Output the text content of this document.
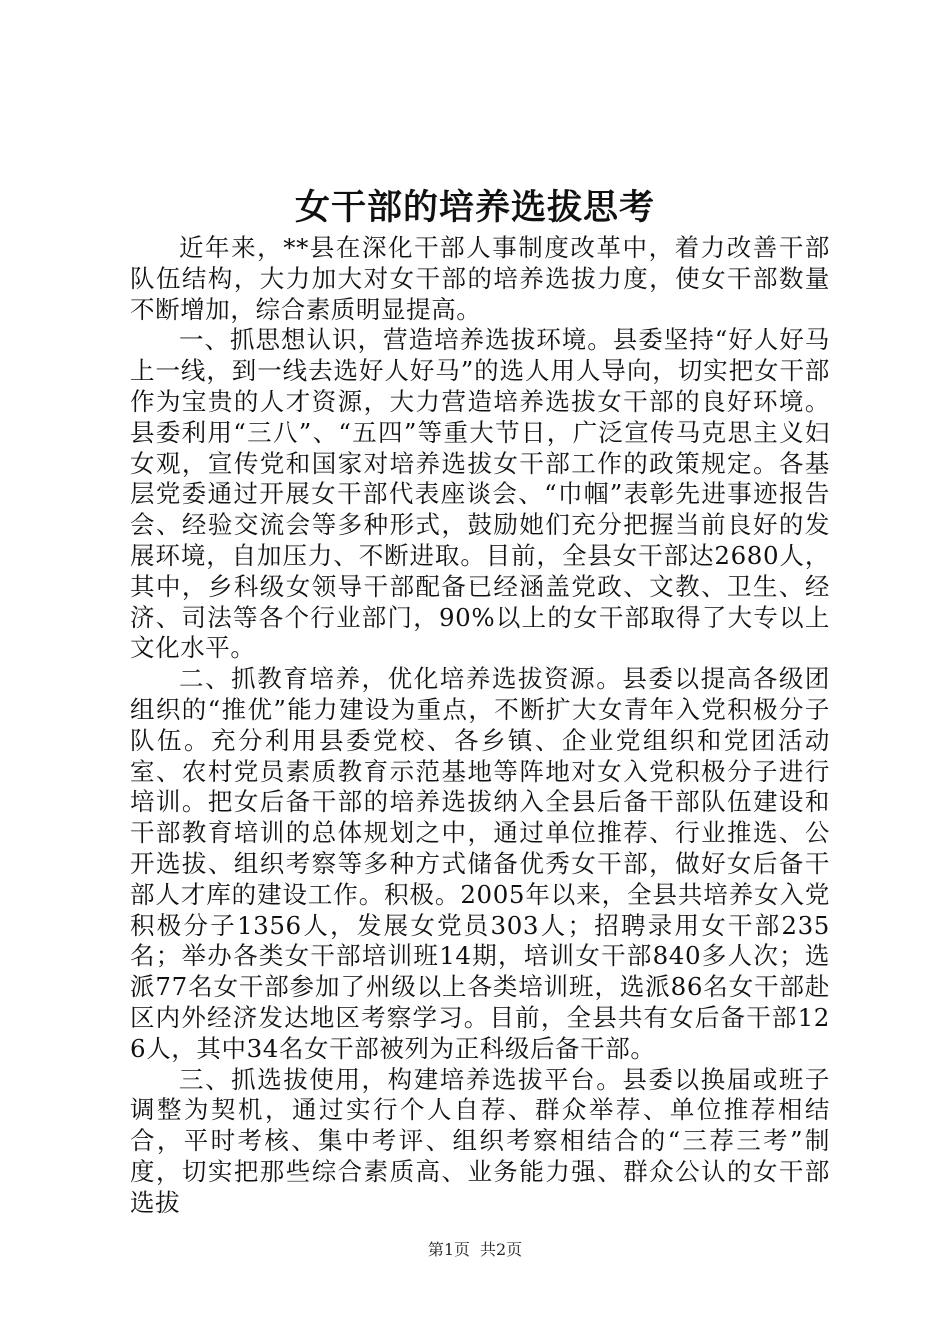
女干部的培养选拔思考

近年来，**县在深化干部人事制度改革中，着力改善干部队伍结构，大力加大对女干部的培养选拔力度，使女干部数量不断增加，综合素质明显提高。

一、抓思想认识，营造培养选拔环境。县委坚持“好人好马上一线，到一线去选好人好马”的选人用人导向，切实把女干部作为宝贵的人才资源，大力营造培养选拔女干部的良好环境。县委利用“三八”、“五四”等重大节日，广泛宣传马克思主义妇女观，宣传党和国家对培养选拔女干部工作的政策规定。各基层党委通过开展女干部代表座谈会、“巾帼”表彰先进事迹报告会、经验交流会等多种形式，鼓励她们充分把握当前良好的发展环境，自加压力、不断进取。目前，全县女干部达2680人，其中，乡科级女领导干部配备已经涵盖党政、文教、卫生、经济、司法等各个行业部门，90%以上的女干部取得了大专以上文化水平。

二、抓教育培养，优化培养选拔资源。县委以提高各级团组织的“推优”能力建设为重点，不断扩大女青年入党积极分子队伍。充分利用县委党校、各乡镇、企业党组织和党团活动室、农村党员素质教育示范基地等阵地对女入党积极分子进行培训。把女后备干部的培养选拔纳入全县后备干部队伍建设和干部教育培训的总体规划之中，通过单位推荐、行业推选、公开选拔、组织考察等多种方式储备优秀女干部，做好女后备干部人才库的建设工作。积极。2005年以来，全县共培养女入党积极分子1356人，发展女党员303人；招聘录用女干部235名；举办各类女干部培训班14期，培训女干部840多人次；选派77名女干部参加了州级以上各类培训班，选派86名女干部赴区内外经济发达地区考察学习。目前，全县共有女后备干部126人，其中34名女干部被列为正科级后备干部。

三、抓选拔使用，构建培养选拔平台。县委以换届或班子调整为契机，通过实行个人自荐、群众举荐、单位推荐相结合，平时考核、集中考评、组织考察相结合的“三荐三考”制度，切实把那些综合素质高、业务能力强、群众公认的女干部选拔

第1页 共2页
